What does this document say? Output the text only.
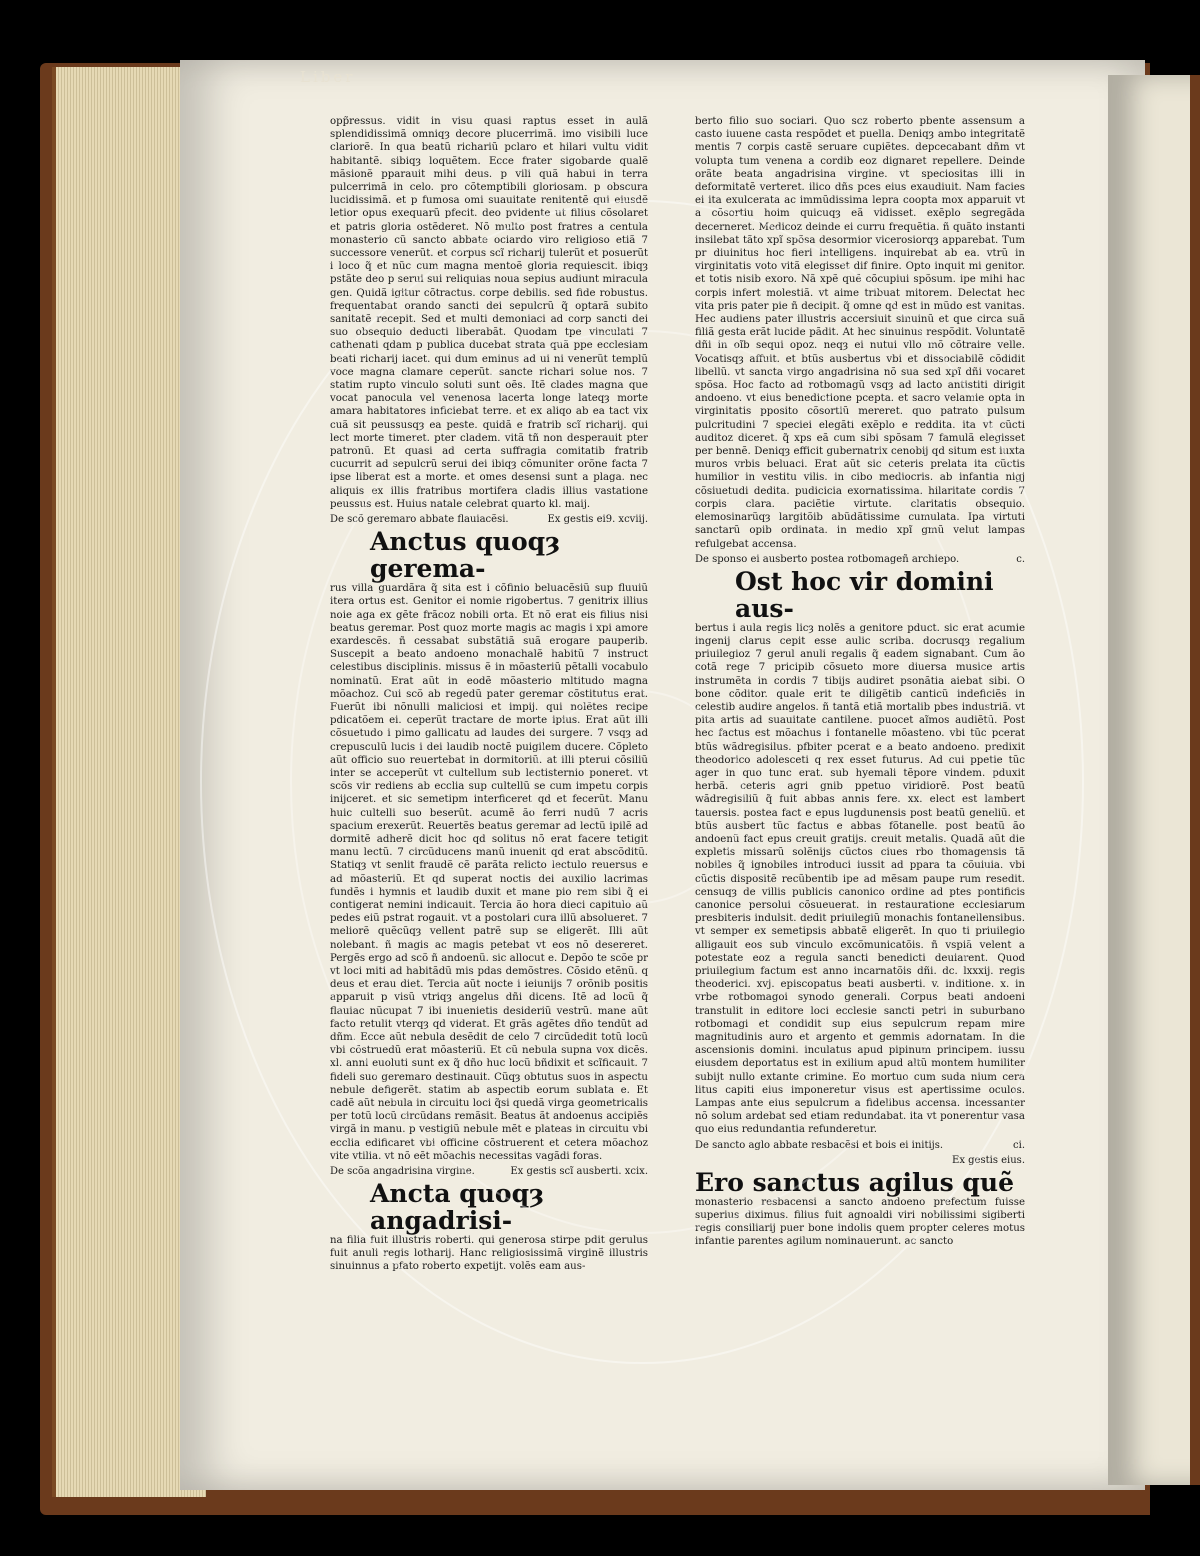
Liber

opp̃ressus. vidit in visu quasi raptus esset in aulã splendidissimã omniqȝ decore plucerrimã. imo visibili luce clariorẽ. In qua beatũ richariũ pclaro et hilari vultu vidit habitantẽ. sibiqȝ loquẽtem. Ecce frater sigobarde qualẽ mãsionẽ pparauit mihi deus. p vili quã habui in terra pulcerrimã in celo. pro cõtemptibili gloriosam. p obscura lucidissimã. et p fumosa omi suauitate renitentẽ qui eiusdẽ letior opus exequarũ pfecit. deo pvidente ut filius cõsolaret et patris gloria ostẽderet. Nõ multo post fratres a centula monasterio cũ sancto abbate ociardo viro religioso etiã 7 successore venerũt. et corpus scĩ richarij tulerũt et posuerũt i loco q̃ et nũc cum magna mentoẽ gloria requiescit. ibiqȝ pstãte deo p serui sui reliquias noua sepius audiunt miracula gen. Quidã igitur cõtractus. corpe debilis. sed fide robustus. frequentabat orando sancti dei sepulcrũ q̃ optarã subito sanitatẽ recepit. Sed et multi demoniaci ad corp sancti dei suo obsequio deducti liberabãt. Quodam tpe vinculati 7 cathenati qdam p publica ducebat strata quã ppe ecclesiam beati richarij iacet. qui dum eminus ad ui ni venerũt templũ voce magna clamare ceperũt. sancte richari solue nos. 7 statim rupto vinculo soluti sunt oẽs. Itẽ clades magna que vocat panocula vel venenosa lacerta longe lateqȝ morte amara habitatores inficiebat terre. et ex aliqo ab ea tact vix cuã sit peussusqȝ ea peste. quidã e fratrib scĩ richarij. qui lect morte timeret. pter cladem. vitã tñ non desperauit pter patronũ. Et quasi ad certa suffragia comitatib fratrib cucurrit ad sepulcrũ serui dei ibiqȝ cõmuniter orõne facta 7 ipse liberat est a morte. et omes desensi sunt a plaga. nec aliquis ex illis fratribus mortifera cladis illius vastatione peussus est. Huius natale celebrat quarto kl. maij.

De scõ geremaro abbate flauiacẽsi.	Ex gestis ei9. xcviij.
Anctus quoqȝ gerema-

rus villa guardãra q̃ sita est i cõfinio beluacẽsiũ sup fluuiũ itera ortus est. Genitor ei nomie rigobertus. 7 genitrix illius noie aga ex gẽte frãcoz nobili orta. Et nõ erat eis filius nisi beatus geremar. Post quoz morte magis ac magis i xpi amore exardescẽs. ñ cessabat substãtiã suã erogare pauperib. Suscepit a beato andoeno monachalẽ habitũ 7 instruct celestibus disciplinis. missus ẽ in mõasteriũ pẽtalli vocabulo nominatũ. Erat aũt in eodẽ mõasterio mltitudo magna mõachoz. Cui scõ ab regedũ pater geremar cõstitutus erat. Fuerũt ibi nõnulli maliciosi et impij. qui nolẽtes recipe pdicatõem ei. ceperũt tractare de morte ipius. Erat aũt illi cõsuetudo i pimo gallicatu ad laudes dei surgere. 7 vsqȝ ad crepusculũ lucis i dei laudib noctẽ puigilem ducere. Cõpleto aũt officio suo reuertebat in dormitoriũ. at illi pterui cõsiliũ inter se acceperũt vt cultellum sub lectisternio poneret. vt scõs vir rediens ab ecclia sup cultellũ se cum impetu corpis inijceret. et sic semetipm interficeret qd et fecerũt. Manu huic cultelli suo beserũt. acumẽ ão ferri nudũ 7 acris spacium erexerũt. Reuertẽs beatus geremar ad lectũ ipilẽ ad dormitẽ adherẽ dicit hoc qd solitus nõ erat facere tetigit manu lectũ. 7 circũducens manũ inuenit qd erat abscõditũ. Statiqȝ vt senlit fraudẽ cẽ parãta relicto lectulo reuersus e ad mõasteriũ. Et qd superat noctis dei auxilio lacrimas fundẽs i hymnis et laudib duxit et mane pio rem sibi q̃ ei contigerat nemini indicauit. Tercia ão hora dieci capitulo aũ pedes eiũ pstrat rogauit. vt a postolari cura illũ absolueret. 7 meliorẽ quẽcũqȝ vellent patrẽ sup se eligerẽt. Illi aũt nolebant. ñ magis ac magis petebat vt eos nõ desereret. Pergẽs ergo ad scõ ñ andoenũ. sic allocut e. Depõo te scõe pr vt loci miti ad habitãdũ mis pdas demõstres. Cõsido etẽnũ. q deus et erau diet. Tercia aũt nocte i ieiunijs 7 orõnib positis apparuit p visũ vtriqȝ angelus dñi dicens. Itẽ ad locũ q̃ flauiac nũcupat 7 ibi inuenietis desideriũ vestrũ. mane aũt facto retulit vterqȝ qd viderat. Et grãs agẽtes dño tendũt ad dñm. Ecce aũt nebula desẽdit de celo 7 circũdedit totũ locũ vbi cõstruedũ erat mõasteriũ. Et cũ nebula supna vox dicẽs. xl. anni euoluti sunt ex q̃ dño huc locũ bñdixit et scĩficauit. 7 fideli suo geremaro destinauit. Cũqȝ obtutus suos in aspectu nebule defigerẽt. statim ab aspectib eorum sublata e. Et cadẽ aũt nebula in circuitu loci q̃si quedã virga geometricalis per totũ locũ circũdans remãsit. Beatus ãt andoenus accipiẽs virgã in manu. p vestigiũ nebule mẽt e plateas in circuitu vbi ecclia edificaret vbi officine cõstruerent et cetera mõachoz vite vtilia. vt nõ eẽt mõachis necessitas vagãdi foras.

De scõa angadrisina virgine.	Ex gestis scĩ ausberti. xcix.
Ancta quoqȝ angadrisi-

na filia fuit illustris roberti. qui generosa stirpe pdit gerulus fuit anuli regis lotharij. Hanc religiosissimã virginẽ illustris sinuinnus a pfato roberto expetijt. volẽs eam aus-

berto filio suo sociari. Quo scz roberto pbente assensum a casto iuuene casta respõdet et puella. Deniqȝ ambo integritatẽ mentis 7 corpis castẽ seruare cupiẽtes. depcecabant dñm vt volupta tum venena a cordib eoz dignaret repellere. Deinde orãte beata angadrisina virgine. vt speciositas illi in deformitatẽ verteret. ilico dñs pces eius exaudiuit. Nam facies ei ita exulcerata ac immũdissima lepra coopta mox apparuit vt a cõsortiu hoim quicuqȝ eã vidisset. exẽplo segregãda decerneret. Medicoz deinde ei curru frequẽtia. ñ quãto instanti insilebat tãto xpĩ spõsa desormior vicerosiorqȝ apparebat. Tum pr diuinitus hoc fieri intelligens. inquirebat ab ea. vtrũ in virginitatis voto vitã elegisset dif finire. Opto inquit mi genitor. et totis nisib exoro. Nã xpẽ quẽ cõcupiui spõsum. ipe mihi hac corpis infert molestiã. vt aime tribuat mitorem. Delectat hec vita pris pater pie ñ decipit. q̃ omne qd est in mũdo est vanitas. Hec audiens pater illustris accersiuit sinuinũ et que circa suã filiã gesta erãt lucide pãdit. At hec sinuinus respõdit. Voluntatẽ dñi in oĩb sequi opoz. neqȝ ei nutui vllo mõ cõtraire velle. Vocatisqȝ affuit. et btũs ausbertus vbi et dissociabilẽ cõdidit libellũ. vt sancta virgo angadrisina nõ sua sed xpĩ dñi vocaret spõsa. Hoc facto ad rotbomagũ vsqȝ ad lacto antistiti dirigit andoeno. vt eius benedictione pcepta. et sacro velamie opta in virginitatis pposito cõsortiũ mereret. quo patrato pulsum pulcritudini 7 speciei elegãti exẽplo e reddita. ita vt cũcti auditoz diceret. q̃ xps eã cum sibi spõsam 7 famulã elegisset per bennẽ. Deniqȝ efficit gubernatrix cenobij qd situm est iuxta muros vrbis beluaci. Erat aũt sic ceteris prelata ita cũctis humilior in vestitu vilis. in cibo mediocris. ab infantia nigj cõsiuetudi dedita. pudicicia exornatissima. hilaritate cordis 7 corpis clara. paciẽtie virtute. claritatis obsequio. elemosinarũqȝ largitõib abũdãtissime cumulata. Ipa virtuti sanctarũ opib ordinata. in medio xpĩ gmũ velut lampas refulgebat accensa.

De sponso ei ausberto postea rotbomageñ archiepo.	c.
Ost hoc vir domini aus-

bertus i aula regis licȝ nolẽs a genitore pduct. sic erat acumie ingenij clarus cepit esse aulic scriba. docrusqȝ regalium priuilegioz 7 gerul anuli regalis q̃ eadem signabant. Cum ão cotã rege 7 pricipib cõsueto more diuersa musice artis instrumẽta in cordis 7 tibijs audiret psonãtia aiebat sibi. O bone cõditor. quale erit te diligẽtib canticũ indeficiẽs in celestib audire angelos. ñ tantã etiã mortalib pbes industriã. vt pita artis ad suauitate cantilene. puocet aĩmos audiẽtũ. Post hec factus est mõachus i fontanelle mõasteno. vbi tũc pcerat btũs wãdregisilus. pfbiter pcerat e a beato andoeno. predixit theodorico adolesceti q rex esset futurus. Ad cui ppetie tũc ager in quo tunc erat. sub hyemali tẽpore vindem. pduxit herbã. ceteris agri gnib ppetuo viridiorẽ. Post beatũ wãdregisiliũ q̃ fuit abbas annis fere. xx. elect est lambert tauersis. postea fact e epus lugdunensis post beatũ geneliũ. et btũs ausbert tũc factus e abbas fõtanelle. post beatũ ão andoenũ fact epus creuit gratijs. creuit metalis. Quadã aũt die expletis missarũ solẽnijs cũctos ciues rbo thomagensis tã nobiles q̃ ignobiles introduci iussit ad ppara ta cõuiuia. vbi cũctis dispositẽ recũbentib ipe ad mẽsam paupe rum resedit. censuqȝ de villis publicis canonico ordine ad ptes pontificis canonice persolui cõsueuerat. in restauratione ecclesiarum presbiteris indulsit. dedit priuilegiũ monachis fontanellensibus. vt semper ex semetipsis abbatẽ eligerẽt. In quo ti priuilegio alligauit eos sub vinculo excõmunicatõis. ñ vspiã velent a potestate eoz a regula sancti benedicti deuiarent. Quod priuilegium factum est anno incarnatõis dñi. dc. lxxxij. regis theoderici. xvj. episcopatus beati ausberti. v. inditione. x. in vrbe rotbomagoi synodo generali. Corpus beati andoeni transtulit in editore loci ecclesie sancti petri in suburbano rotbomagi et condidit sup eius sepulcrum repam mire magnitudinis auro et argento et gemmis adornatam. In die ascensionis domini. inculatus apud pipinum principem. iussu eiusdem deportatus est in exilium apud altũ montem humiliter subijt nullo extante crimine. Eo mortuo cum suda nium cera litus capiti eius imponeretur visus est apertissime oculos. Lampas ante eius sepulcrum a fidelibus accensa. incessanter nõ solum ardebat sed etiam redundabat. ita vt ponerentur vasa quo eius redundantia refunderetur.

De sancto aglo abbate resbacẽsi et bois ei initijs.	ci.
Ex gestis eius.
Ero sanctus agilus quẽ

monasterio resbacensi a sancto andoeno prefectum fuisse superius diximus. filius fuit agnoaldi viri nobilissimi sigiberti regis consiliarij puer bone indolis quem propter celeres motus infantie parentes agilum nominauerunt. ac sancto
